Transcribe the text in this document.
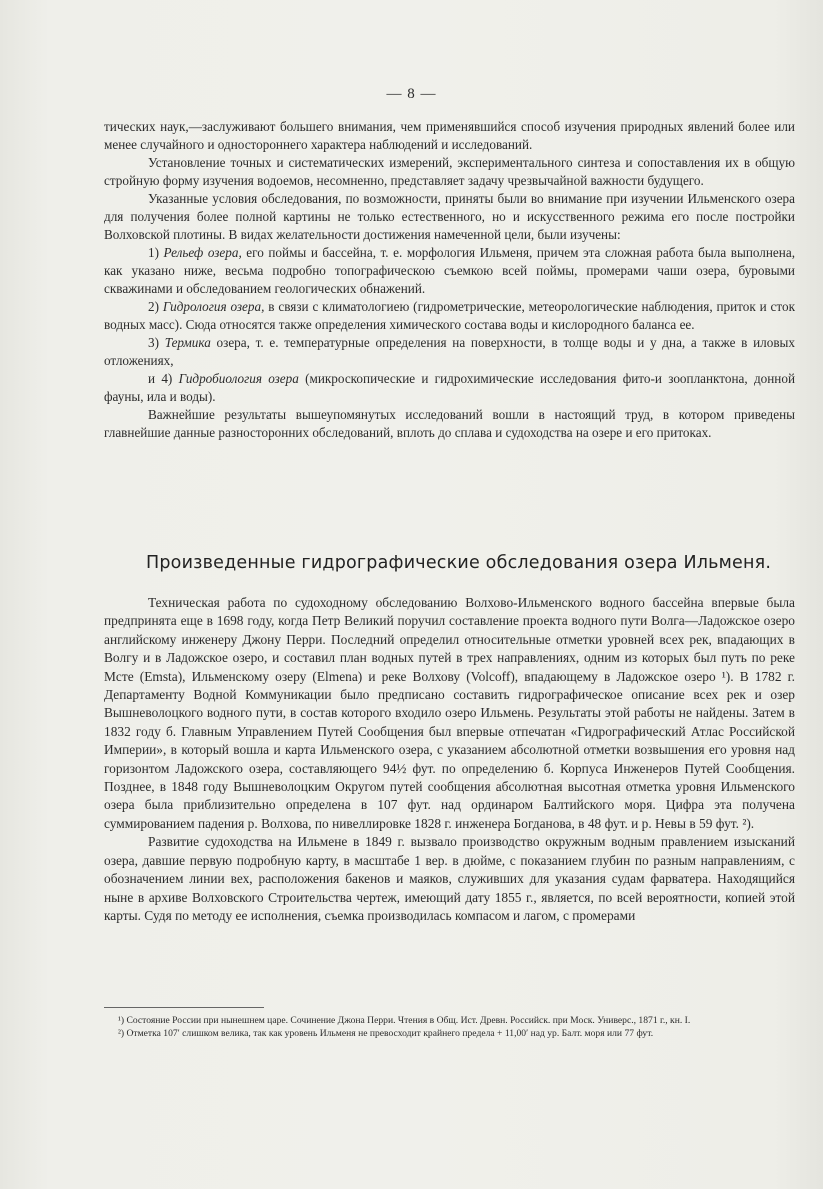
— 8 —

тических наук,—заслуживают большего внимания, чем применявшийся способ изучения природных явлений более или менее случайного и одностороннего характера наблюдений и исследований.

Установление точных и систематических измерений, экспериментального синтеза и сопоставления их в общую стройную форму изучения водоемов, несомненно, представляет задачу чрезвычайной важности будущего.

Указанные условия обследования, по возможности, приняты были во внимание при изучении Ильменского озера для получения более полной картины не только естественного, но и искусственного режима его после постройки Волховской плотины. В видах желательности достижения намеченной цели, были изучены:

1) Рельеф озера, его поймы и бассейна, т. е. морфология Ильменя, причем эта сложная работа была выполнена, как указано ниже, весьма подробно топографическою съемкою всей поймы, промерами чаши озера, буровыми скважинами и обследованием геологических обнажений.

2) Гидрология озера, в связи с климатологиею (гидрометрические, метеорологические наблюдения, приток и сток водных масс). Сюда относятся также определения химического состава воды и кислородного баланса ее.

3) Термика озера, т. е. температурные определения на поверхности, в толще воды и у дна, а также в иловых отложениях,

и 4) Гидробиология озера (микроскопические и гидрохимические исследования фито-и зоопланктона, донной фауны, ила и воды).

Важнейшие результаты вышеупомянутых исследований вошли в настоящий труд, в котором приведены главнейшие данные разносторонних обследований, вплоть до сплава и судоходства на озере и его притоках.

Произведенные гидрографические обследования озера Ильменя.

Техническая работа по судоходному обследованию Волхово-Ильменского водного бассейна впервые была предпринята еще в 1698 году, когда Петр Великий поручил составление проекта водного пути Волга—Ладожское озеро английскому инженеру Джону Перри. Последний определил относительные отметки уровней всех рек, впадающих в Волгу и в Ладожское озеро, и составил план водных путей в трех направлениях, одним из которых был путь по реке Мсте (Emsta), Ильменскому озеру (Elmena) и реке Волхову (Volcoff), впадающему в Ладожское озеро ¹). В 1782 г. Департаменту Водной Коммуникации было предписано составить гидрографическое описание всех рек и озер Вышневолоцкого водного пути, в состав которого входило озеро Ильмень. Результаты этой работы не найдены. Затем в 1832 году б. Главным Управлением Путей Сообщения был впервые отпечатан «Гидрографический Атлас Российской Империи», в который вошла и карта Ильменского озера, с указанием абсолютной отметки возвышения его уровня над горизонтом Ладожского озера, составляющего 94½ фут. по определению б. Корпуса Инженеров Путей Сообщения. Позднее, в 1848 году Вышневолоцким Округом путей сообщения абсолютная высотная отметка уровня Ильменского озера была приблизительно определена в 107 фут. над ординаром Балтийского моря. Цифра эта получена суммированием падения р. Волхова, по нивеллировке 1828 г. инженера Богданова, в 48 фут. и р. Невы в 59 фут. ²).

Развитие судоходства на Ильмене в 1849 г. вызвало производство окружным водным правлением изысканий озера, давшие первую подробную карту, в масштабе 1 вер. в дюйме, с показанием глубин по разным направлениям, с обозначением линии вех, расположения бакенов и маяков, служивших для указания судам фарватера. Находящийся ныне в архиве Волховского Строительства чертеж, имеющий дату 1855 г., является, по всей вероятности, копией этой карты. Судя по методу ее исполнения, съемка производилась компасом и лагом, с промерами

¹) Состояние России при нынешнем царе. Сочинение Джона Перри. Чтения в Общ. Ист. Древн. Российск. при Моск. Универс., 1871 г., кн. I.

²) Отметка 107′ слишком велика, так как уровень Ильменя не превосходит крайнего предела + 11,00′ над ур. Балт. моря или 77 фут.
